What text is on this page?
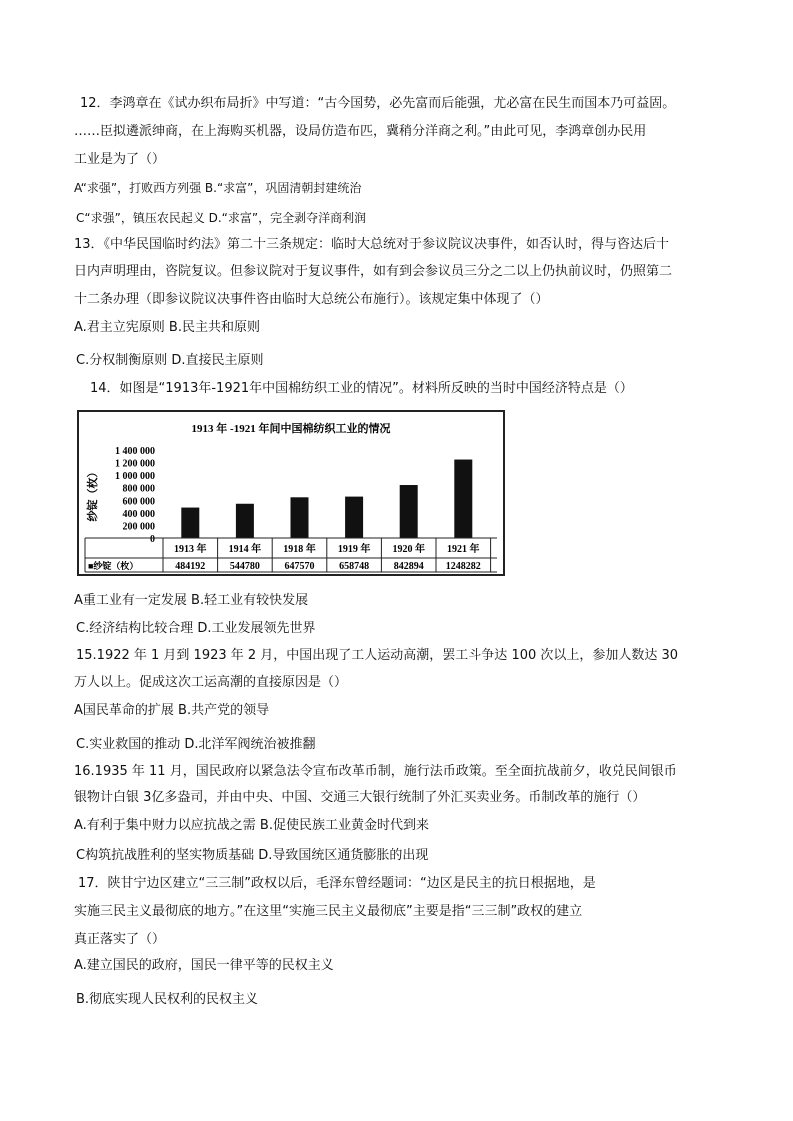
12．李鸿章在《试办织布局折》中写道：“古今国势，必先富而后能强，尤必富在民生而国本乃可益固。
……臣拟遴派绅商，在上海购买机器，设局仿造布匹，冀稍分洋商之利。”由此可见，李鸿章创办民用
工业是为了（）
A“求强”，打败西方列强 B.“求富”，巩固清朝封建统治
C“求强”，镇压农民起义 D.“求富”，完全剥夺洋商利润
13．《中华民国临时约法》第二十三条规定：临时大总统对于参议院议决事件，如否认时，得与咨达后十
日内声明理由，咨院复议。但参议院对于复议事件，如有到会参议员三分之二以上仍执前议时，仍照第二
十二条办理（即参议院议决事件咨由临时大总统公布施行）。该规定集中体现了（）
A.君主立宪原则 B.民主共和原则
C.分权制衡原则 D.直接民主原则
14．如图是“1913年-1921年中国棉纺织工业的情况”。材料所反映的当时中国经济特点是（）
1913 年 -1921 年间中国棉纺织工业的情况
纱锭（枚）
1 400 000
1 200 000
1 000 000
800 000
600 000
400 000
200 000
0
1913 年 1914 年 1918 年 1919 年 1920 年 1921 年
■纱锭（枚）	484192 544780 647570 658748 842894 1248282
A重工业有一定发展 B.轻工业有较快发展
C.经济结构比较合理 D.工业发展领先世界
15.1922 年 1 月到 1923 年 2 月，中国出现了工人运动高潮，罢工斗争达 100 次以上，参加人数达 30
万人以上。促成这次工运高潮的直接原因是（）
A国民革命的扩展 B.共产党的领导
C.实业救国的推动 D.北洋军阀统治被推翻
16.1935 年 11 月，国民政府以紧急法令宣布改革币制，施行法币政策。至全面抗战前夕，收兑民间银币
银物计白银 3亿多盎司，并由中央、中国、交通三大银行统制了外汇买卖业务。币制改革的施行（）
A.有利于集中财力以应抗战之需 B.促使民族工业黄金时代到来
C构筑抗战胜利的坚实物质基础 D.导致国统区通货膨胀的出现
17．陕甘宁边区建立“三三制”政权以后，毛泽东曾经题词：“边区是民主的抗日根据地，是
实施三民主义最彻底的地方。”在这里“实施三民主义最彻底”主要是指“三三制”政权的建立
真正落实了（）
A.建立国民的政府，国民一律平等的民权主义
B.彻底实现人民权利的民权主义
